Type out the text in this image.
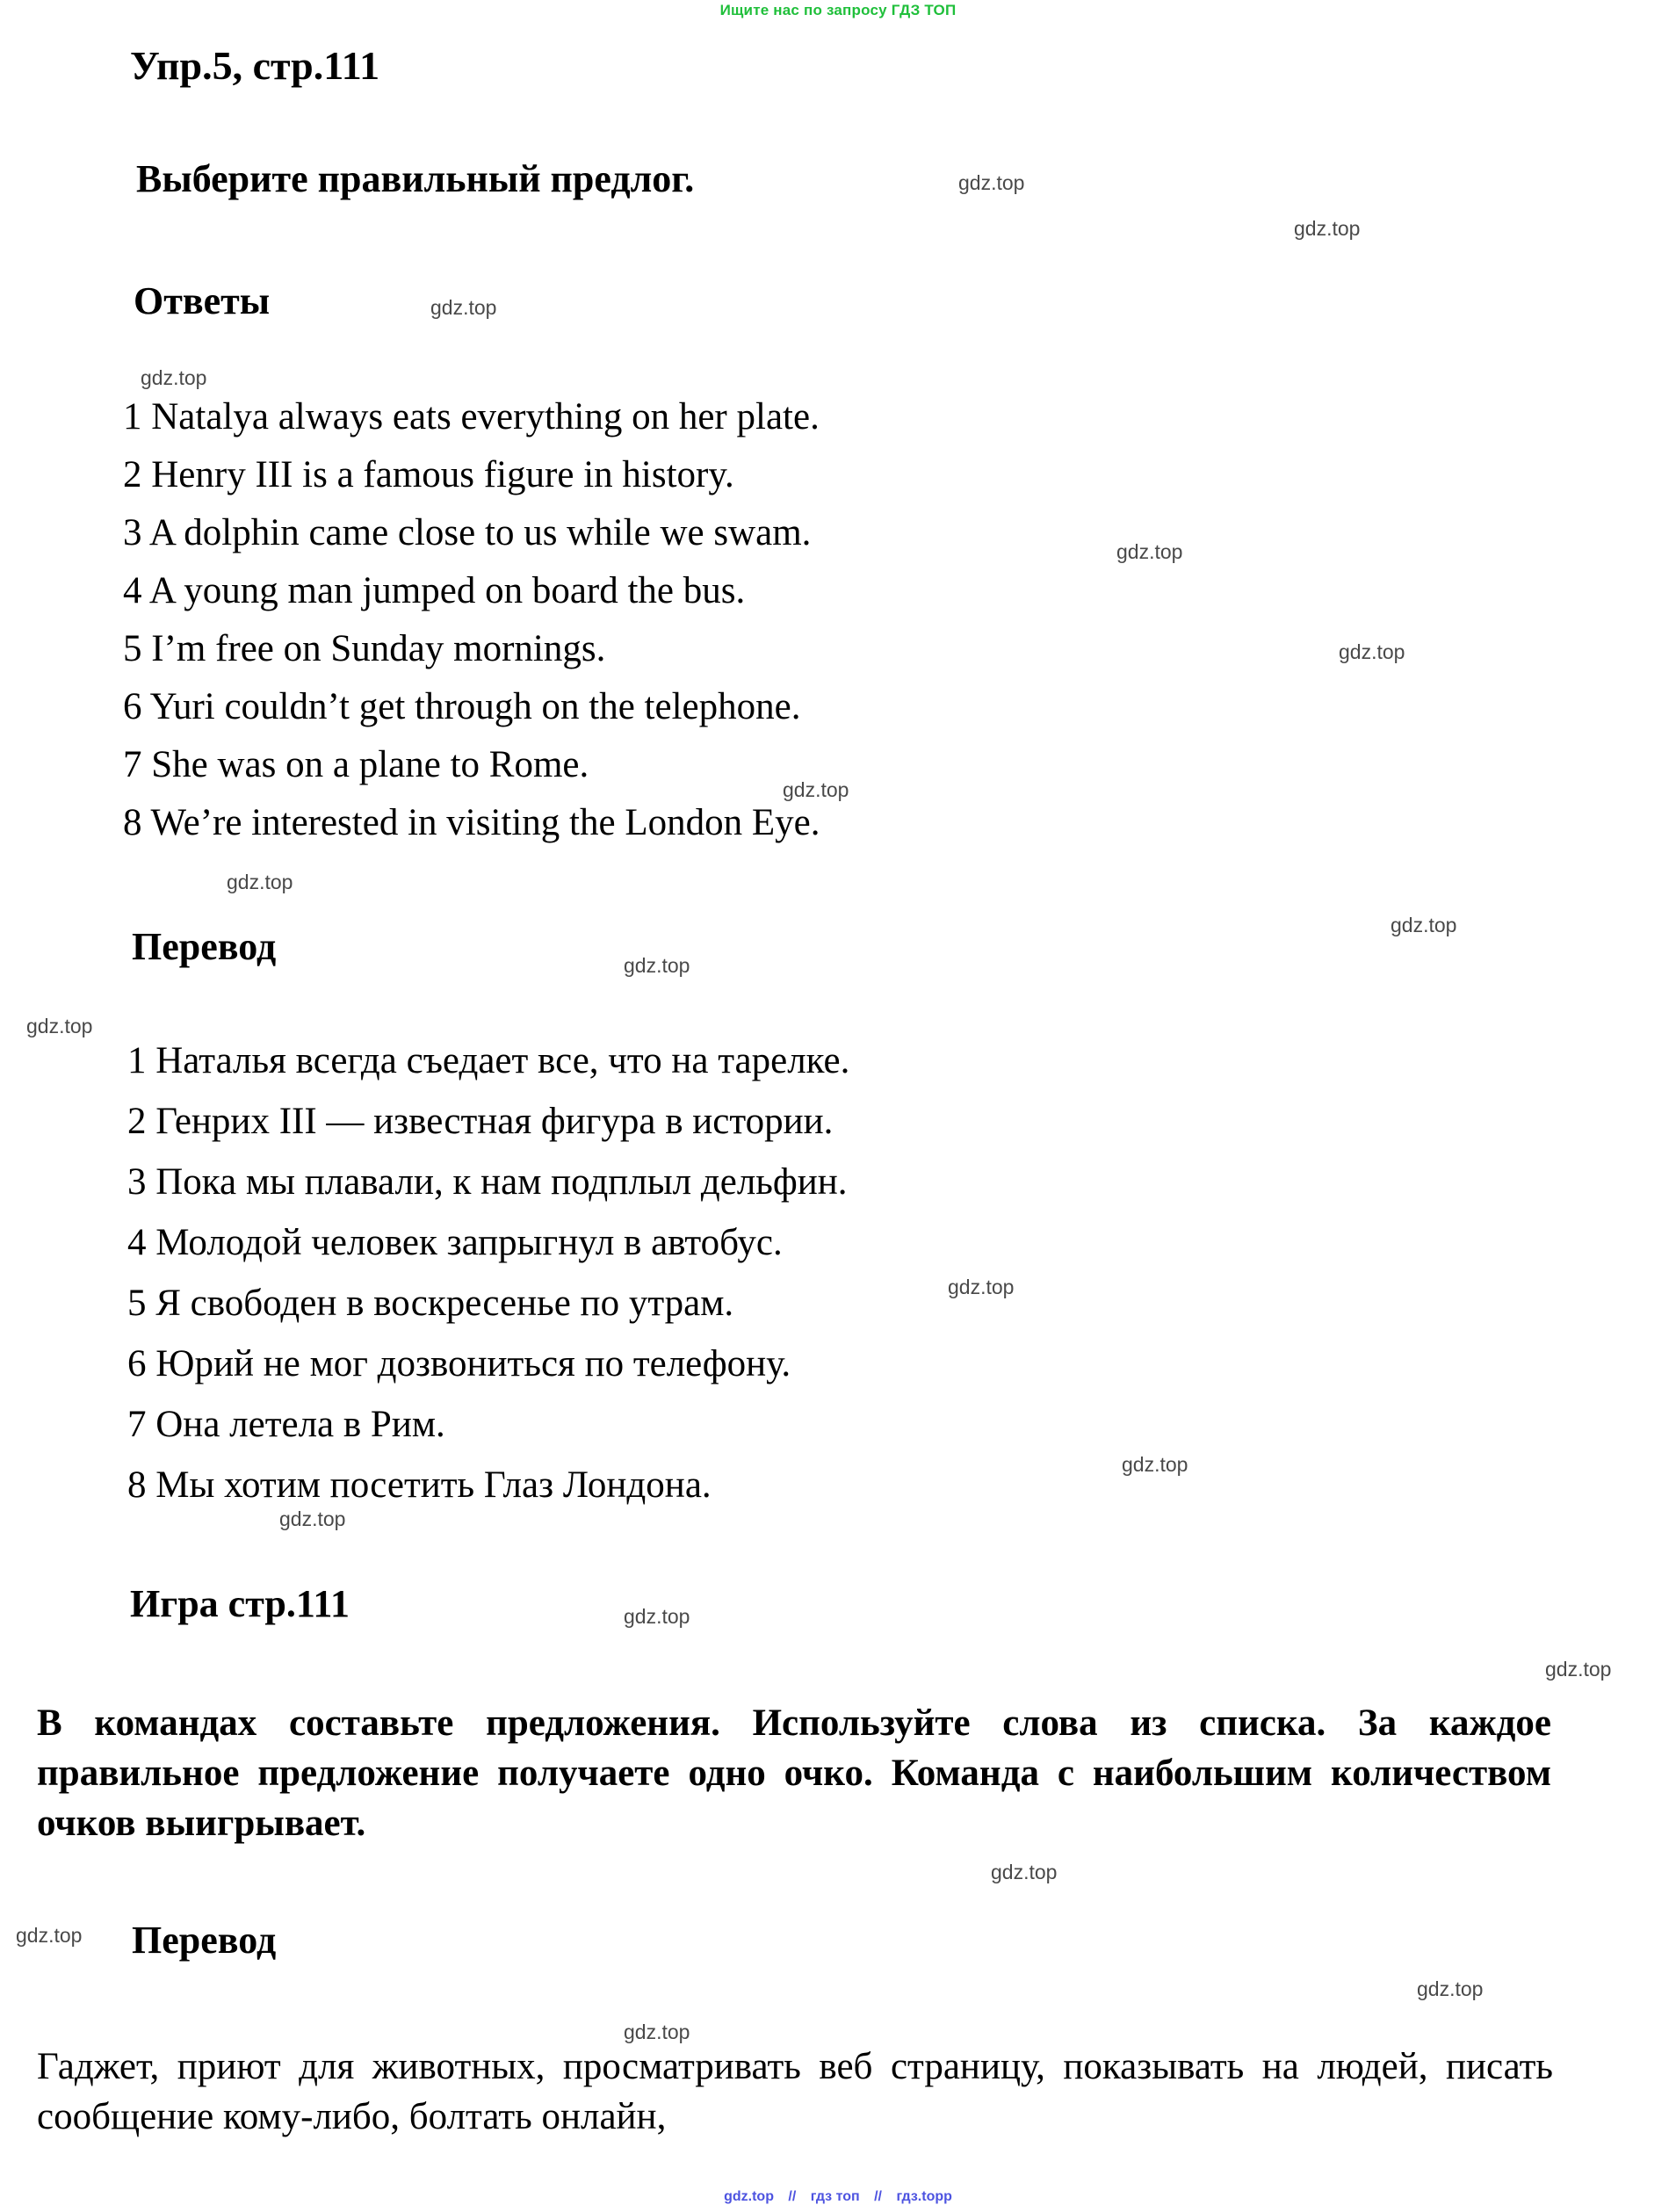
Ищите нас по запросу ГДЗ ТОП
Упр.5, стр.111
Выберите правильный предлог.
Ответы
1 Natalya always eats everything on her plate.
2 Henry III is a famous figure in history.
3 A dolphin came close to us while we swam.
4 A young man jumped on board the bus.
5 I’m free on Sunday mornings.
6 Yuri couldn’t get through on the telephone.
7 She was on a plane to Rome.
8 We’re interested in visiting the London Eye.
Перевод
1 Наталья всегда съедает все, что на тарелке.
2 Генрих III — известная фигура в истории.
3 Пока мы плавали, к нам подплыл дельфин.
4 Молодой человек запрыгнул в автобус.
5 Я свободен в воскресенье по утрам.
6 Юрий не мог дозвониться по телефону.
7 Она летела в Рим.
8 Мы хотим посетить Глаз Лондона.
Игра стр.111
В командах составьте предложения. Используйте слова из списка. За каждое правильное предложение получаете одно очко. Команда с наибольшим количеством очков выигрывает.
Перевод
Гаджет, приют для животных, просматривать веб страницу, показывать на людей, писать сообщение кому-либо, болтать онлайн,
gdz.top
gdz.top
gdz.top
gdz.top
gdz.top
gdz.top
gdz.top
gdz.top
gdz.top
gdz.top
gdz.top
gdz.top
gdz.top
gdz.top
gdz.top
gdz.top
gdz.top
gdz.top
gdz.top
gdz.top
gdz.top // гдз топ // гдз.topр
